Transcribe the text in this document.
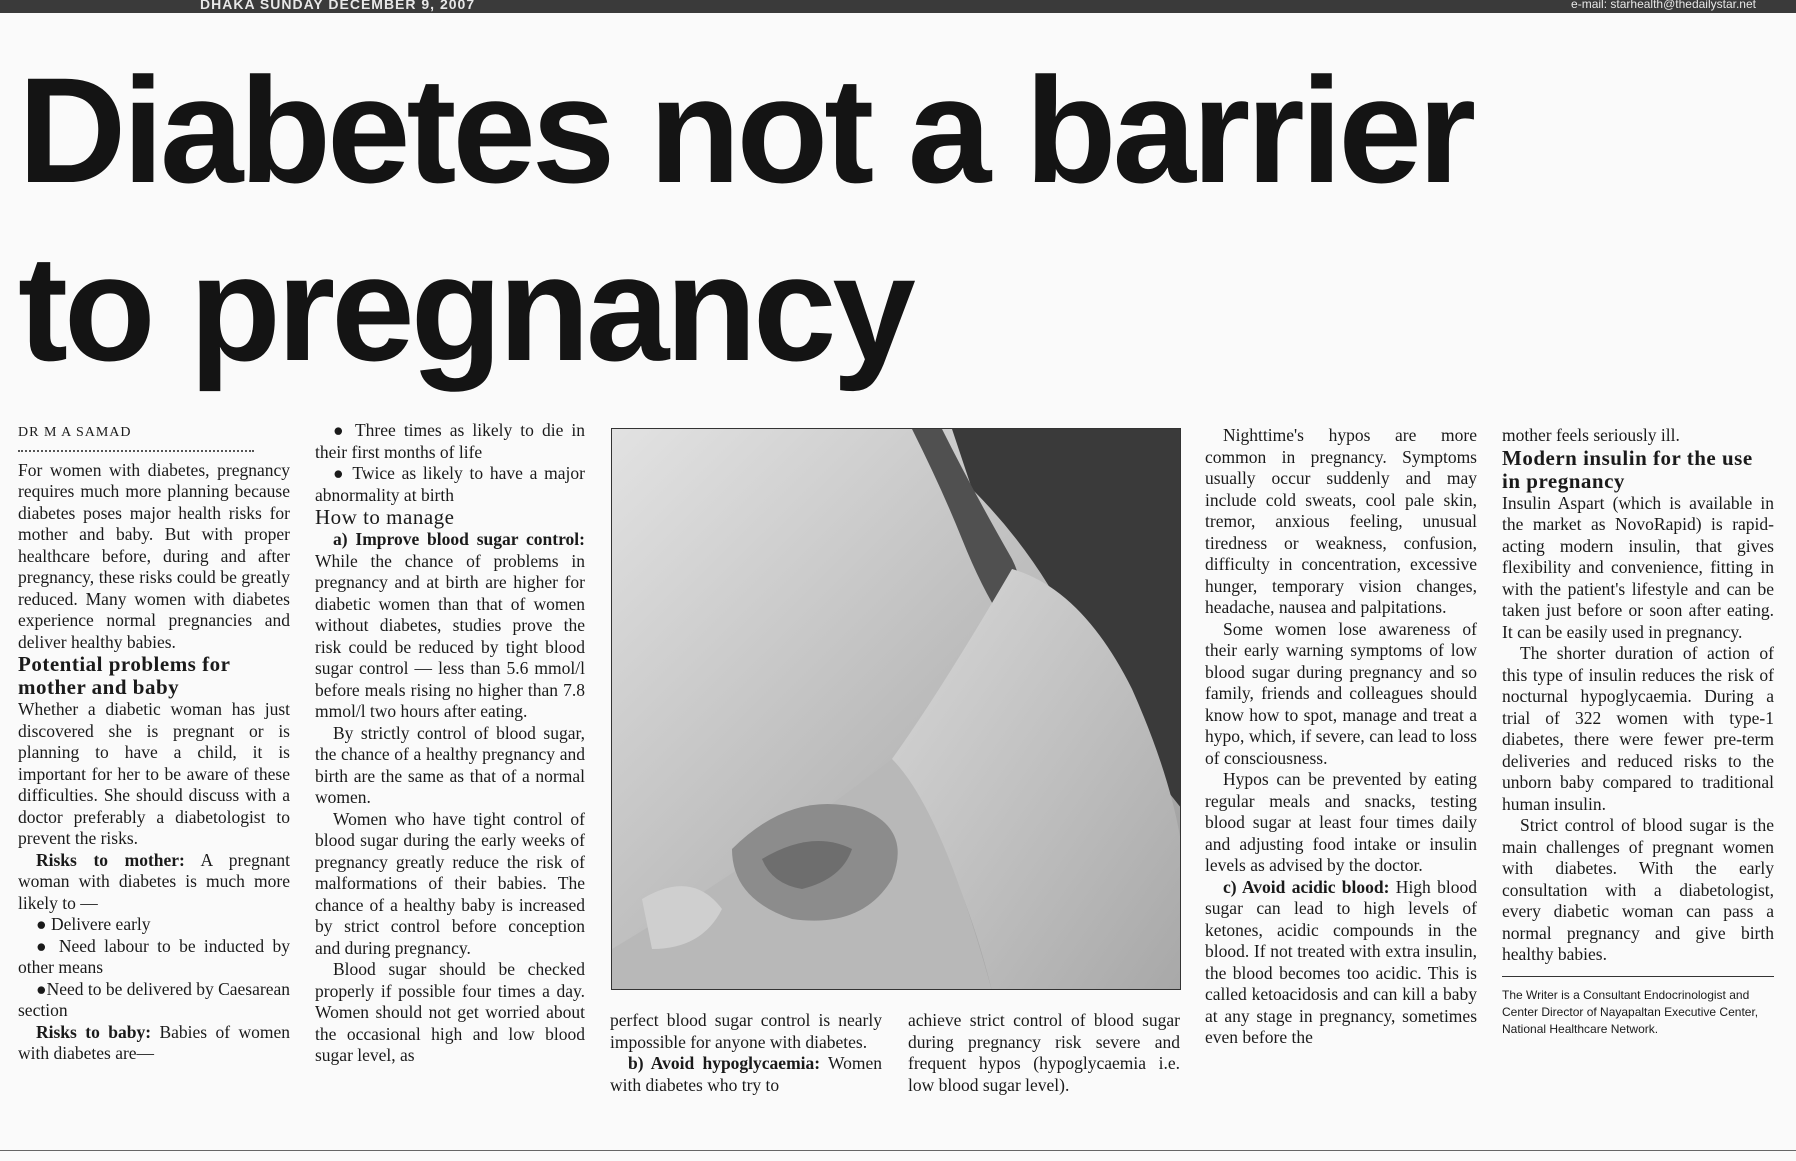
DHAKA SUNDAY DECEMBER 9, 2007	e-mail: starhealth@thedailystar.net
Diabetes not a barrier
to pregnancy
DR M A SAMAD

For women with diabetes, pregnancy requires much more planning because diabetes poses major health risks for mother and baby. But with proper healthcare before, during and after pregnancy, these risks could be greatly reduced. Many women with diabetes experience normal pregnancies and deliver healthy babies.

Potential problems for mother and baby

Whether a diabetic woman has just discovered she is pregnant or is planning to have a child, it is important for her to be aware of these difficulties. She should discuss with a doctor preferably a diabetologist to prevent the risks.

Risks to mother: A pregnant woman with diabetes is much more likely to —

● Delivere early

● Need labour to be inducted by other means

●Need to be delivered by Caesarean section

Risks to baby: Babies of women with diabetes are—

● Three times as likely to die in their first months of life

● Twice as likely to have a major abnormality at birth

How to manage

a) Improve blood sugar control: While the chance of problems in pregnancy and at birth are higher for diabetic women than that of women without diabetes, studies prove the risk could be reduced by tight blood sugar control — less than 5.6 mmol/l before meals rising no higher than 7.8 mmol/l two hours after eating.

By strictly control of blood sugar, the chance of a healthy pregnancy and birth are the same as that of a normal women.

Women who have tight control of blood sugar during the early weeks of pregnancy greatly reduce the risk of malformations of their babies. The chance of a healthy baby is increased by strict control before conception and during pregnancy.

Blood sugar should be checked properly if possible four times a day. Women should not get worried about the occasional high and low blood sugar level, as

perfect blood sugar control is nearly impossible for anyone with diabetes.

b) Avoid hypoglycaemia: Women with diabetes who try to

achieve strict control of blood sugar during pregnancy risk severe and frequent hypos (hypoglycaemia i.e. low blood sugar level).

Nighttime's hypos are more common in pregnancy. Symptoms usually occur suddenly and may include cold sweats, cool pale skin, tremor, anxious feeling, unusual tiredness or weakness, confusion, difficulty in concentration, excessive hunger, temporary vision changes, headache, nausea and palpitations.

Some women lose awareness of their early warning symptoms of low blood sugar during pregnancy and so family, friends and colleagues should know how to spot, manage and treat a hypo, which, if severe, can lead to loss of consciousness.

Hypos can be prevented by eating regular meals and snacks, testing blood sugar at least four times daily and adjusting food intake or insulin levels as advised by the doctor.

c) Avoid acidic blood: High blood sugar can lead to high levels of ketones, acidic compounds in the blood. If not treated with extra insulin, the blood becomes too acidic. This is called ketoacidosis and can kill a baby at any stage in pregnancy, sometimes even before the

mother feels seriously ill.

Modern insulin for the use in pregnancy

Insulin Aspart (which is available in the market as NovoRapid) is rapid-acting modern insulin, that gives flexibility and convenience, fitting in with the patient's lifestyle and can be taken just before or soon after eating. It can be easily used in pregnancy.

The shorter duration of action of this type of insulin reduces the risk of nocturnal hypoglycaemia. During a trial of 322 women with type-1 diabetes, there were fewer pre-term deliveries and reduced risks to the unborn baby compared to traditional human insulin.

Strict control of blood sugar is the main challenges of pregnant women with diabetes. With the early consultation with a diabetologist, every diabetic woman can pass a normal pregnancy and give birth healthy babies.

The Writer is a Consultant Endocrinologist and Center Director of Nayapaltan Executive Center, National Healthcare Network.
